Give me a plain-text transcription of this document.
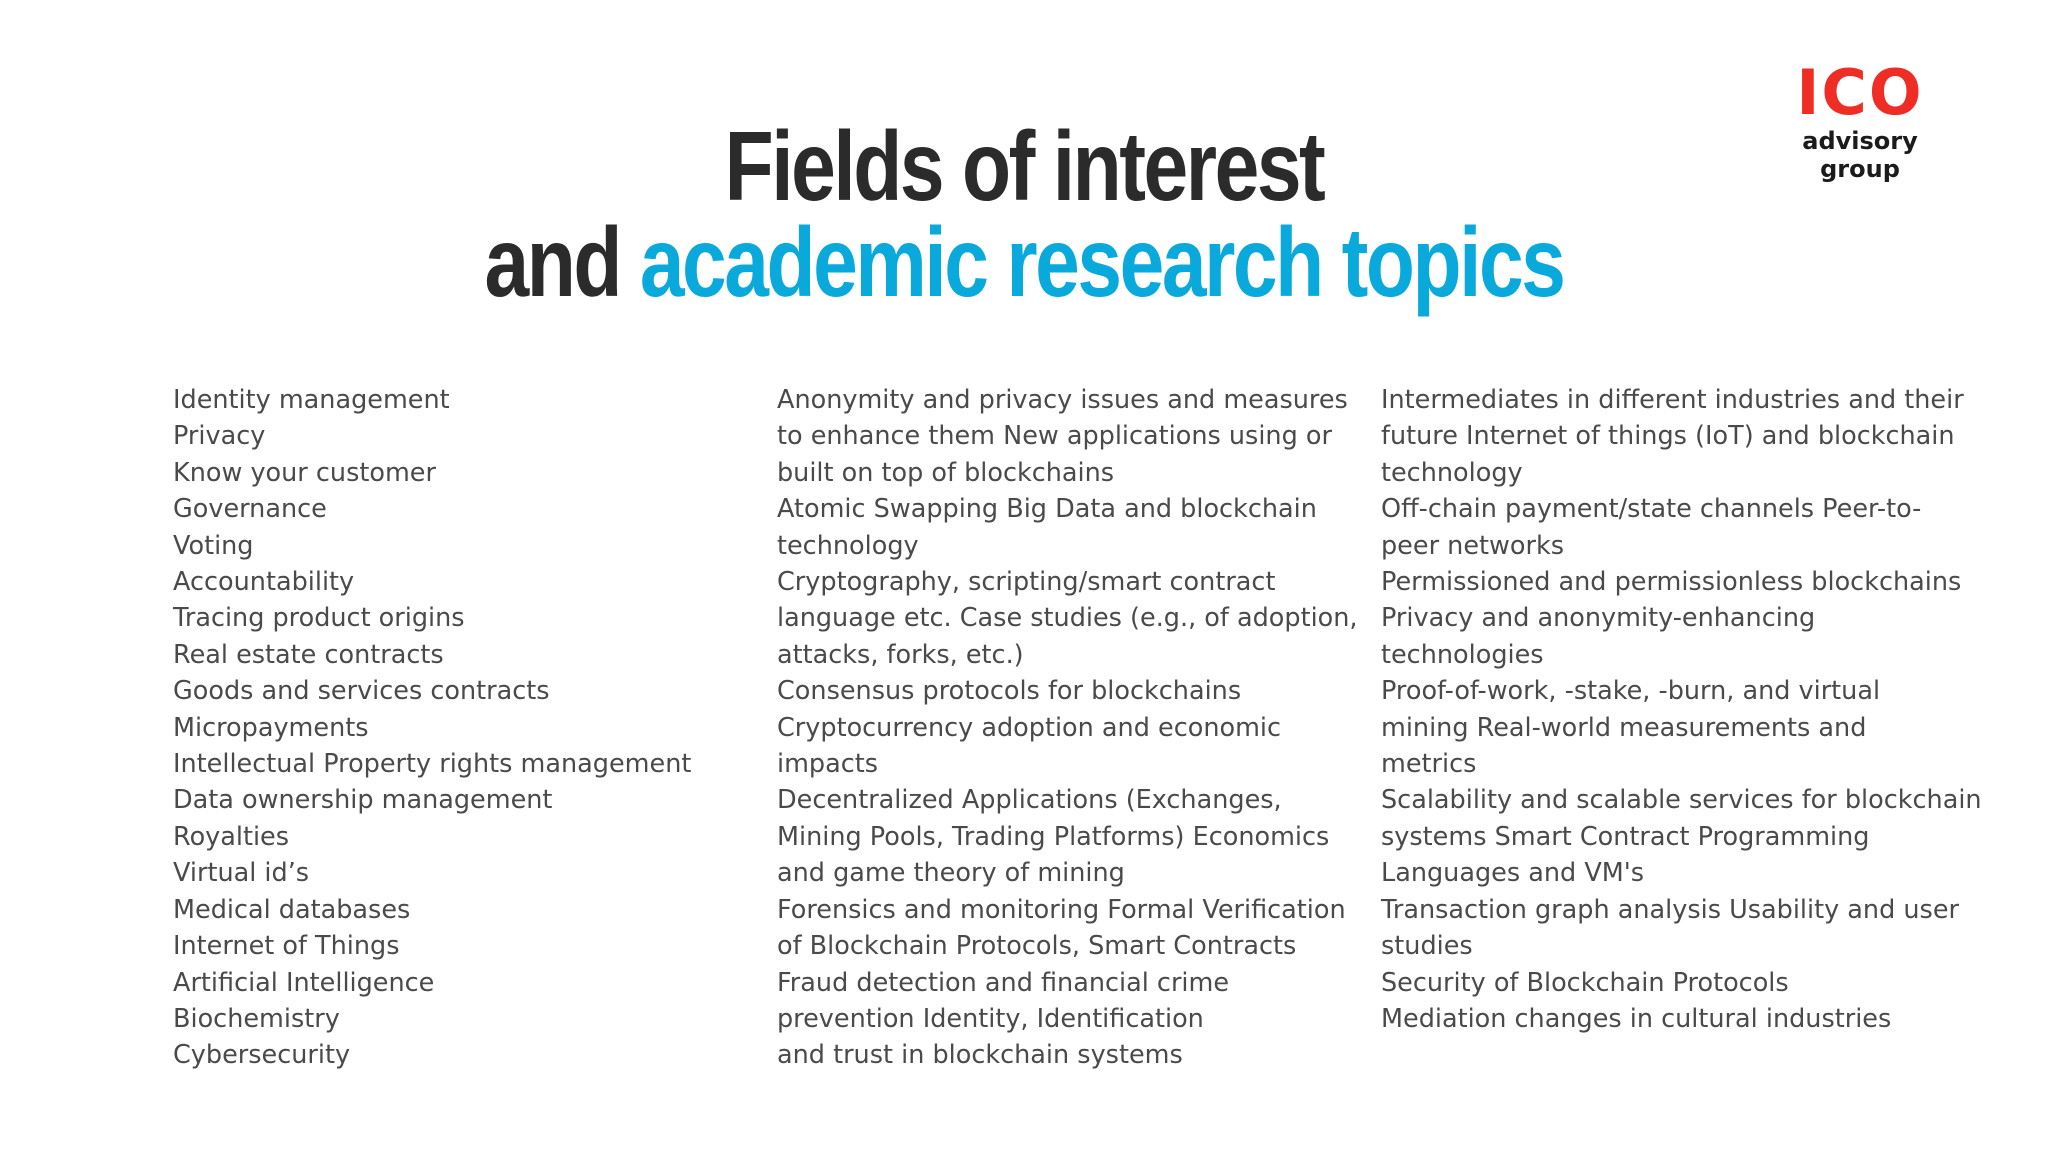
ICO
advisory
group
Fields of interest
and academic research topics
Identity management
Privacy
Know your customer
Governance
Voting
Accountability
Tracing product origins
Real estate contracts
Goods and services contracts
Micropayments
Intellectual Property rights management
Data ownership management
Royalties
Virtual id’s
Medical databases
Internet of Things
Artificial Intelligence
Biochemistry
Cybersecurity
Anonymity and privacy issues and measures
to enhance them New applications using or
built on top of blockchains
Atomic Swapping Big Data and blockchain
technology
Cryptography, scripting/smart contract
language etc. Case studies (e.g., of adoption,
attacks, forks, etc.)
Consensus protocols for blockchains
Cryptocurrency adoption and economic
impacts
Decentralized Applications (Exchanges,
Mining Pools, Trading Platforms) Economics
and game theory of mining
Forensics and monitoring Formal Verification
of Blockchain Protocols, Smart Contracts
Fraud detection and financial crime
prevention Identity, Identification
and trust in blockchain systems
Intermediates in different industries and their
future Internet of things (IoT) and blockchain
technology
Off-chain payment/state channels Peer-to-
peer networks
Permissioned and permissionless blockchains
Privacy and anonymity-enhancing
technologies
Proof-of-work, -stake, -burn, and virtual
mining Real-world measurements and
metrics
Scalability and scalable services for blockchain
systems Smart Contract Programming
Languages and VM's
Transaction graph analysis Usability and user
studies
Security of Blockchain Protocols
Mediation changes in cultural industries
